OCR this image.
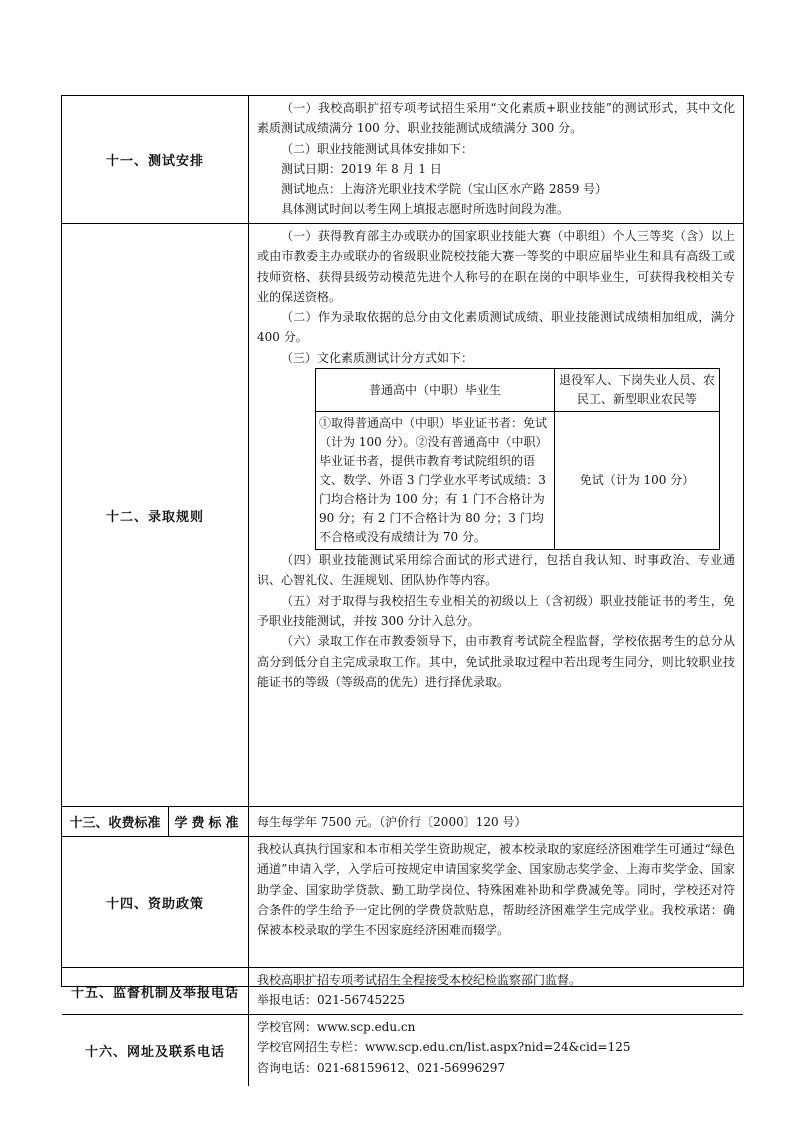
十一、测试安排

（一）我校高职扩招专项考试招生采用“文化素质+职业技能”的测试形式，其中文化素质测试成绩满分 100 分、职业技能测试成绩满分 300 分。

（二）职业技能测试具体安排如下：

测试日期：2019 年 8 月 1 日

测试地点：上海济光职业技术学院（宝山区水产路 2859 号）

具体测试时间以考生网上填报志愿时所选时间段为准。

十二、录取规则

（一）获得教育部主办或联办的国家职业技能大赛（中职组）个人三等奖（含）以上或由市教委主办或联办的省级职业院校技能大赛一等奖的中职应届毕业生和具有高级工或技师资格、获得县级劳动模范先进个人称号的在职在岗的中职毕业生，可获得我校相关专业的保送资格。

（二）作为录取依据的总分由文化素质测试成绩、职业技能测试成绩相加组成，满分 400 分。

（三）文化素质测试计分方式如下：

普通高中（中职）毕业生	退役军人、下岗失业人员、农民工、新型职业农民等
①取得普通高中（中职）毕业证书者：免试（计为 100 分）。②没有普通高中（中职）毕业证书者，提供市教育考试院组织的语文、数学、外语 3 门学业水平考试成绩：3 门均合格计为 100 分；有 1 门不合格计为 90 分；有 2 门不合格计为 80 分；3 门均不合格或没有成绩计为 70 分。	免试（计为 100 分）

（四）职业技能测试采用综合面试的形式进行，包括自我认知、时事政治、专业通识、心智礼仪、生涯规划、团队协作等内容。

（五）对于取得与我校招生专业相关的初级以上（含初级）职业技能证书的考生，免予职业技能测试，并按 300 分计入总分。

（六）录取工作在市教委领导下，由市教育考试院全程监督，学校依据考生的总分从高分到低分自主完成录取工作。其中，免试批录取过程中若出现考生同分，则比较职业技能证书的等级（等级高的优先）进行择优录取。

十三、收费标准	学费标准	每生每学年 7500 元。（沪价行〔2000〕120 号）

十四、资助政策

我校认真执行国家和本市相关学生资助规定，被本校录取的家庭经济困难学生可通过“绿色通道”申请入学，入学后可按规定申请国家奖学金、国家励志奖学金、上海市奖学金、国家助学金、国家助学贷款、勤工助学岗位、特殊困难补助和学费减免等。同时，学校还对符合条件的学生给予一定比例的学费贷款贴息，帮助经济困难学生完成学业。我校承诺：确保被本校录取的学生不因家庭经济困难而辍学。

十五、监督机制及举报电话

我校高职扩招专项考试招生全程接受本校纪检监察部门监督。

举报电话：021-56745225

十六、网址及联系电话

学校官网：www.scp.edu.cn

学校官网招生专栏：www.scp.edu.cn/list.aspx?nid=24&cid=125

咨询电话：021-68159612、021-56996297
